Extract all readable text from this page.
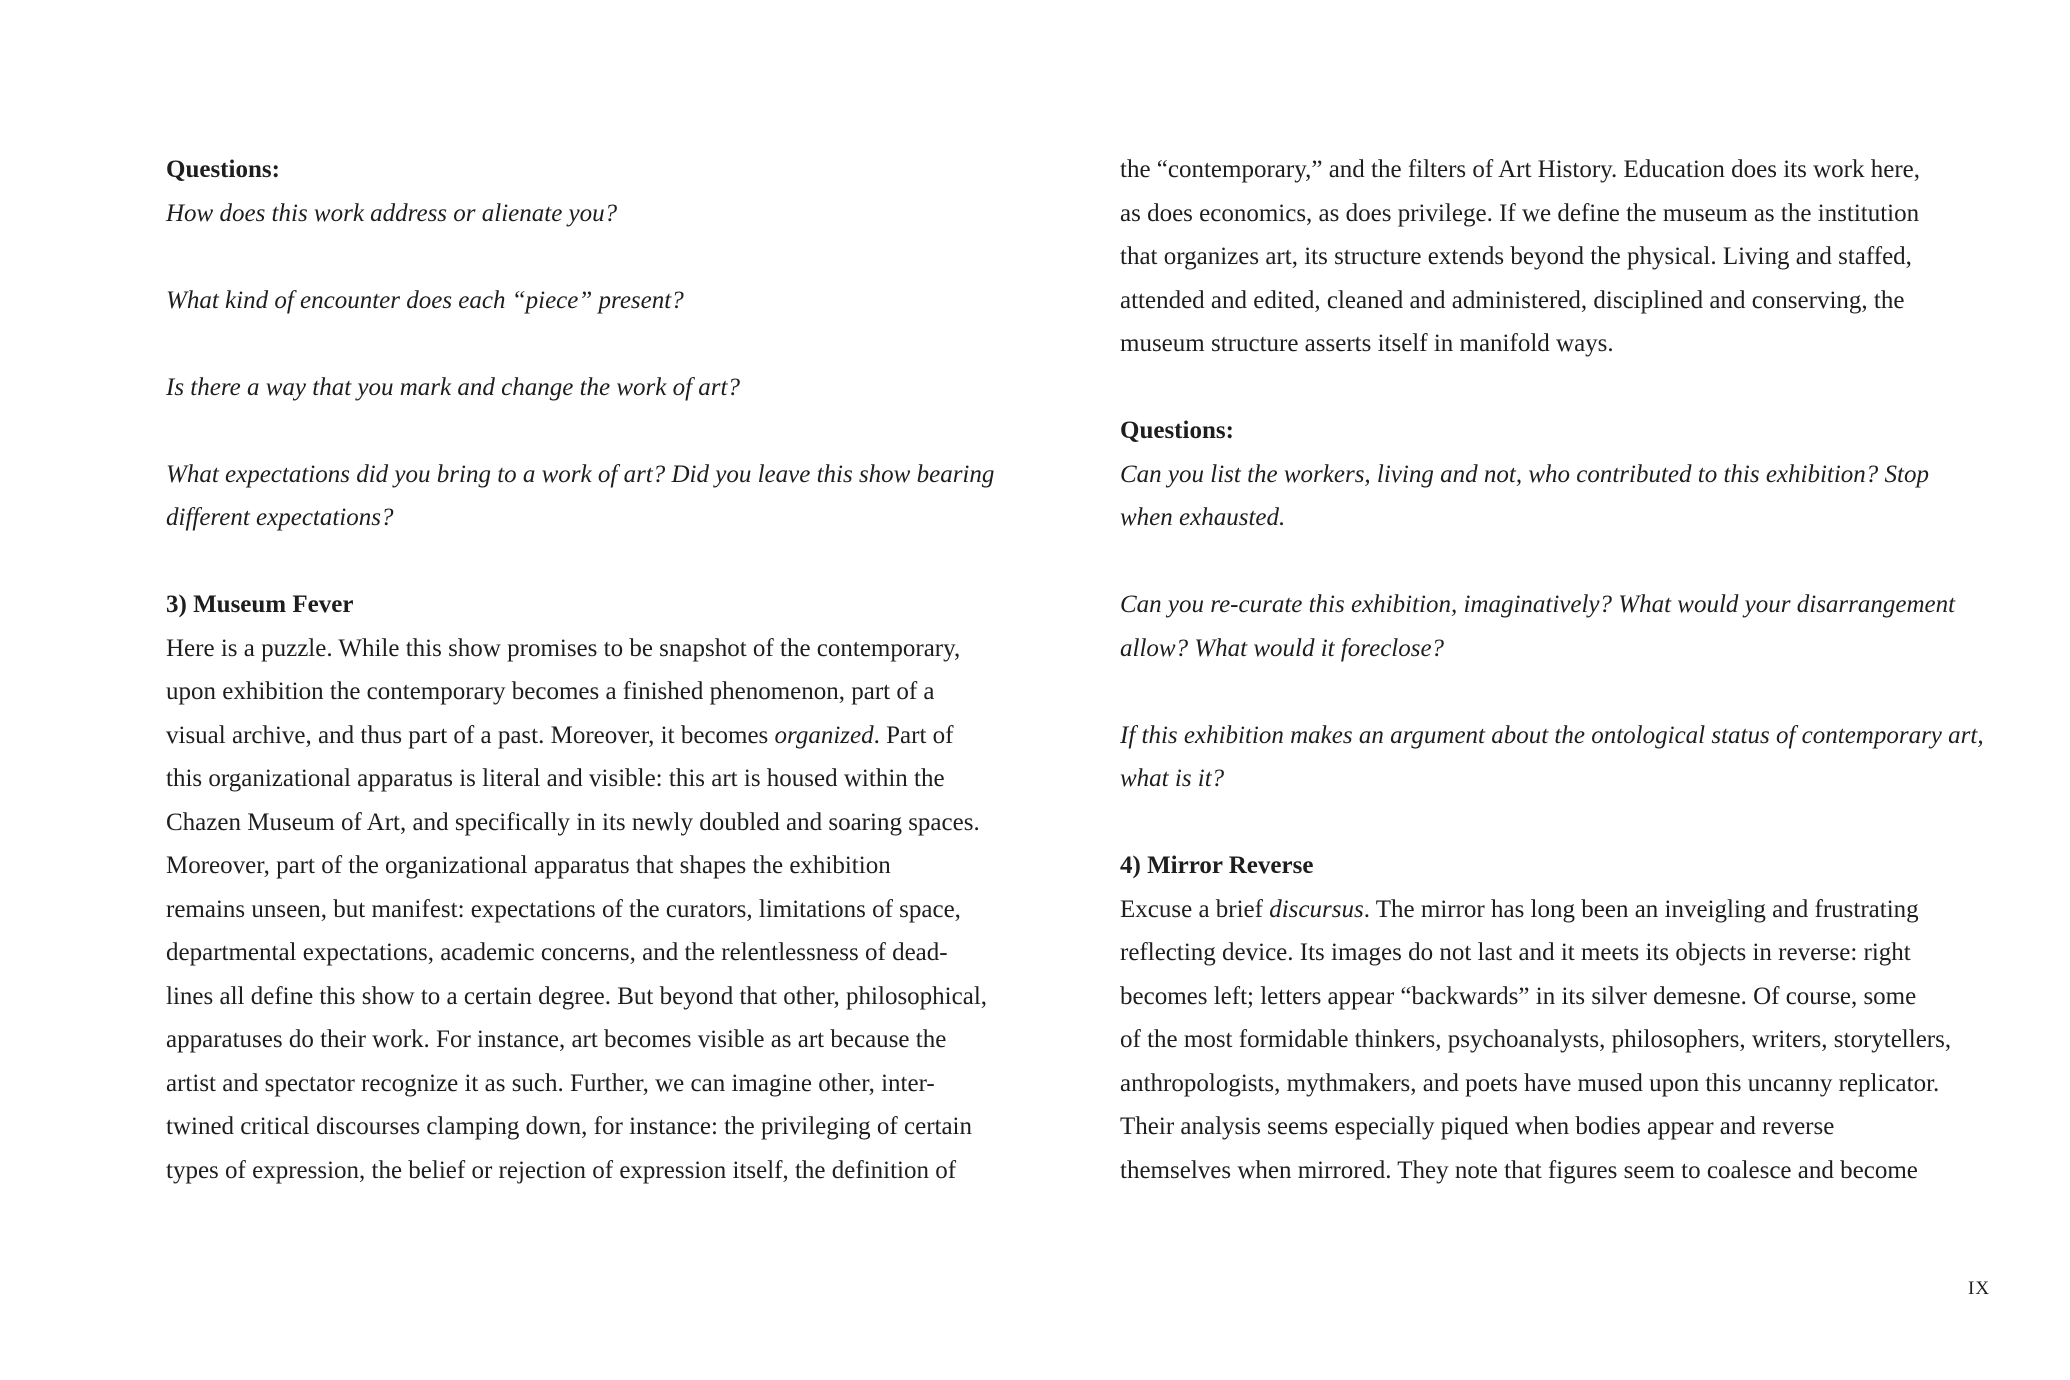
Questions:

How does this work address or alienate you?

What kind of encounter does each “piece” present?

Is there a way that you mark and change the work of art?

What expectations did you bring to a work of art? Did you leave this show bearing

different expectations?

3) Museum Fever

Here is a puzzle. While this show promises to be snapshot of the contemporary,

upon exhibition the contemporary becomes a finished phenomenon, part of a

visual archive, and thus part of a past. Moreover, it becomes organized. Part of

this organizational apparatus is literal and visible: this art is housed within the

Chazen Museum of Art, and specifically in its newly doubled and soaring spaces.

Moreover, part of the organizational apparatus that shapes the exhibition

remains unseen, but manifest: expectations of the curators, limitations of space,

departmental expectations, academic concerns, and the relentlessness of dead-

lines all define this show to a certain degree. But beyond that other, philosophical,

apparatuses do their work. For instance, art becomes visible as art because the

artist and spectator recognize it as such. Further, we can imagine other, inter-

twined critical discourses clamping down, for instance: the privileging of certain

types of expression, the belief or rejection of expression itself, the definition of

the “contemporary,” and the filters of Art History. Education does its work here,

as does economics, as does privilege. If we define the museum as the institution

that organizes art, its structure extends beyond the physical. Living and staffed,

attended and edited, cleaned and administered, disciplined and conserving, the

museum structure asserts itself in manifold ways.

Questions:

Can you list the workers, living and not, who contributed to this exhibition? Stop

when exhausted.

Can you re-curate this exhibition, imaginatively? What would your disarrangement

allow? What would it foreclose?

If this exhibition makes an argument about the ontological status of contemporary art,

what is it?

4) Mirror Reverse

Excuse a brief discursus. The mirror has long been an inveigling and frustrating

reflecting device. Its images do not last and it meets its objects in reverse: right

becomes left; letters appear “backwards” in its silver demesne. Of course, some

of the most formidable thinkers, psychoanalysts, philosophers, writers, storytellers,

anthropologists, mythmakers, and poets have mused upon this uncanny replicator.

Their analysis seems especially piqued when bodies appear and reverse

themselves when mirrored. They note that figures seem to coalesce and become

IX
